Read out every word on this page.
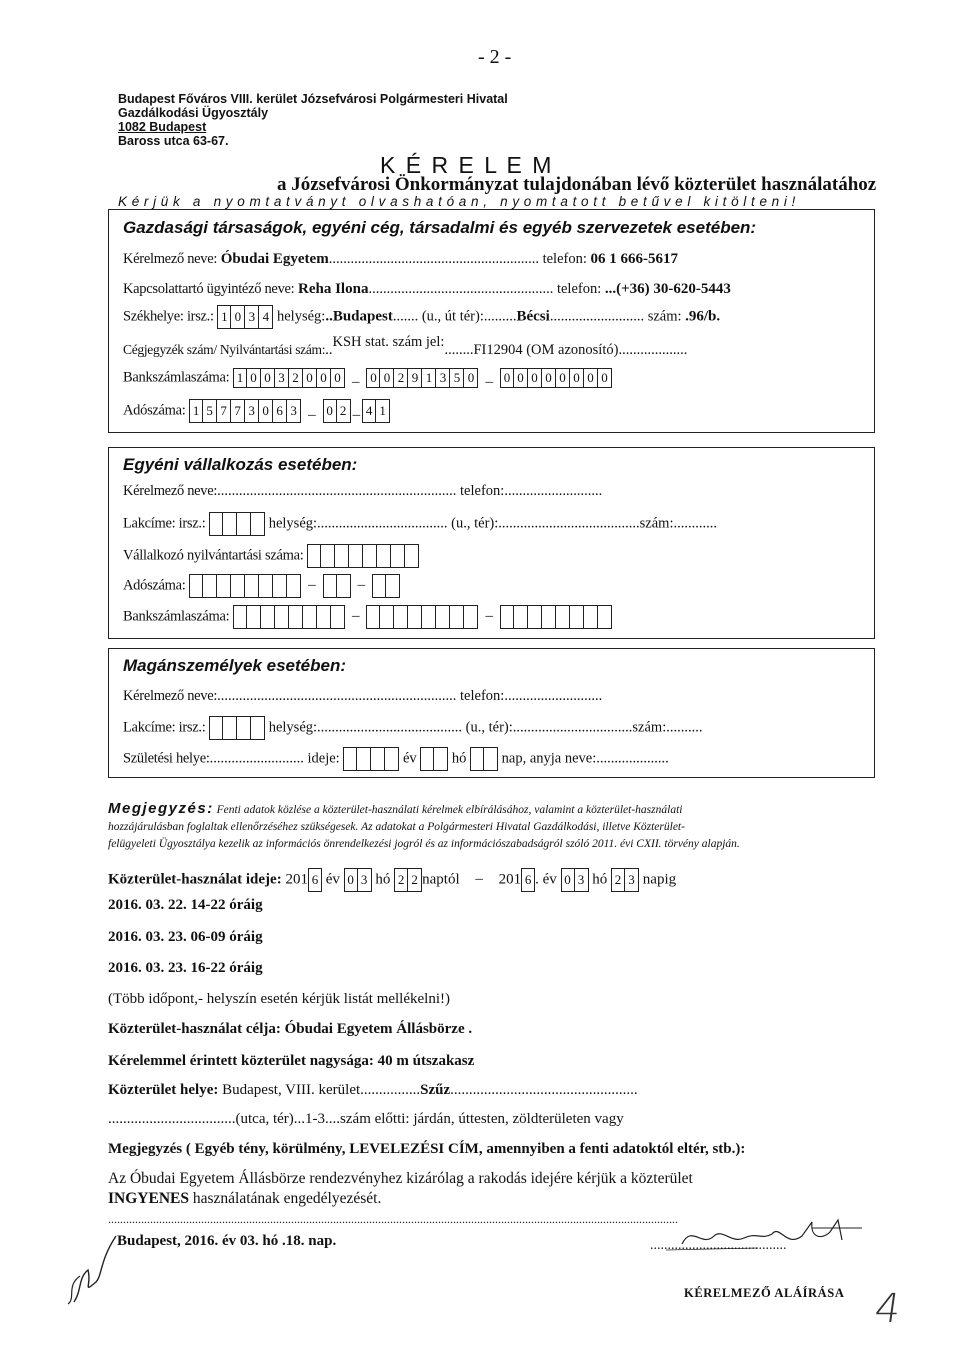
- 2 -
Budapest Főváros VIII. kerület Józsefvárosi Polgármesteri Hivatal
Gazdálkodási Ügyosztály
1082 Budapest
Baross utca 63-67.
K É R E L E M
a Józsefvárosi Önkormányzat tulajdonában lévő közterület használatához
Kérjük a nyomtatványt olvashatóan, nyomtatott betűvel kitölteni!
Gazdasági társaságok, egyéni cég, társadalmi és egyéb szervezetek esetében:
Kérelmező neve: Óbudai Egyetem.......................................................... telefon: 06 1 666-5617
Kapcsolattartó ügyintéző neve: Reha Ilona................................................... telefon: ...(+36) 30-620-5443
Székhelye: irsz.: 1 0 3 4 helység:..Budapest....... (u., út tér):.........Bécsi.......................... szám: .96/b.
Cégjegyzék szám/ Nyilvántartási szám:..KSH stat. szám jel:........FI12904 (OM azonosító)...................
Bankszámlaszáma: 1 0 0 3 2 0 0 0 _ 0 0 2 9 1 3 5 0 _ 0 0 0 0 0 0 0 0
Adószáma: 1 5 7 7 3 0 6 3 _ 0 2 _ 4 1
Egyéni vállalkozás esetében:
Kérelmező neve:.................................................................. telefon:...........................
Lakcíme: irsz.:	helység:.................................... (u., tér):.......................................szám:............
Vállalkozó nyilvántartási száma:
Adószáma:	–	–
Bankszámlaszáma:	–	–
Magánszemélyek esetében:
Kérelmező neve:.................................................................. telefon:...........................
Lakcíme: irsz.:	helység:........................................ (u., tér):.................................szám:..........
Születési helye:.......................... ideje:	év hó nap, anyja neve:....................
Megjegyzés: Fenti adatok közlése a közterület-használati kérelmek elbírálásához, valamint a közterület-használati
hozzájárulásban foglaltak ellenőrzéséhez szükségesek. Az adatokat a Polgármesteri Hivatal Gazdálkodási, illetve Közterület-
felügyeleti Ügyosztálya kezelik az információs önrendelkezési jogról és az információszabadságról szóló 2011. évi CXII. törvény alapján.
Közterület-használat ideje: 201 6 év 0 3 hó 2 2 naptól – 201 6 . év 0 3 hó 2 3 napig
2016. 03. 22. 14-22 óráig
2016. 03. 23. 06-09 óráig
2016. 03. 23. 16-22 óráig
(Több időpont,- helyszín esetén kérjük listát mellékelni!)
Közterület-használat célja: Óbudai Egyetem Állásbörze .
Kérelemmel érintett közterület nagysága: 40 m útszakasz
Közterület helye: Budapest, VIII. kerület................Szűz..................................................
..................................(utca, tér)...1-3....szám előtti: járdán, úttesten, zöldterületen vagy
Megjegyzés ( Egyéb tény, körülmény, LEVELEZÉSI CÍM, amennyiben a fenti adatoktól eltér, stb.):
Az Óbudai Egyetem Állásbörze rendezvényhez kizárólag a rakodás idejére kérjük a közterület
INGYENES használatának engedélyezését.
..............................................................................................................................................................................................
Budapest, 2016. év 03. hó .18. nap.	.......................................
KÉRELMEZŐ ALÁÍRÁSA 4
